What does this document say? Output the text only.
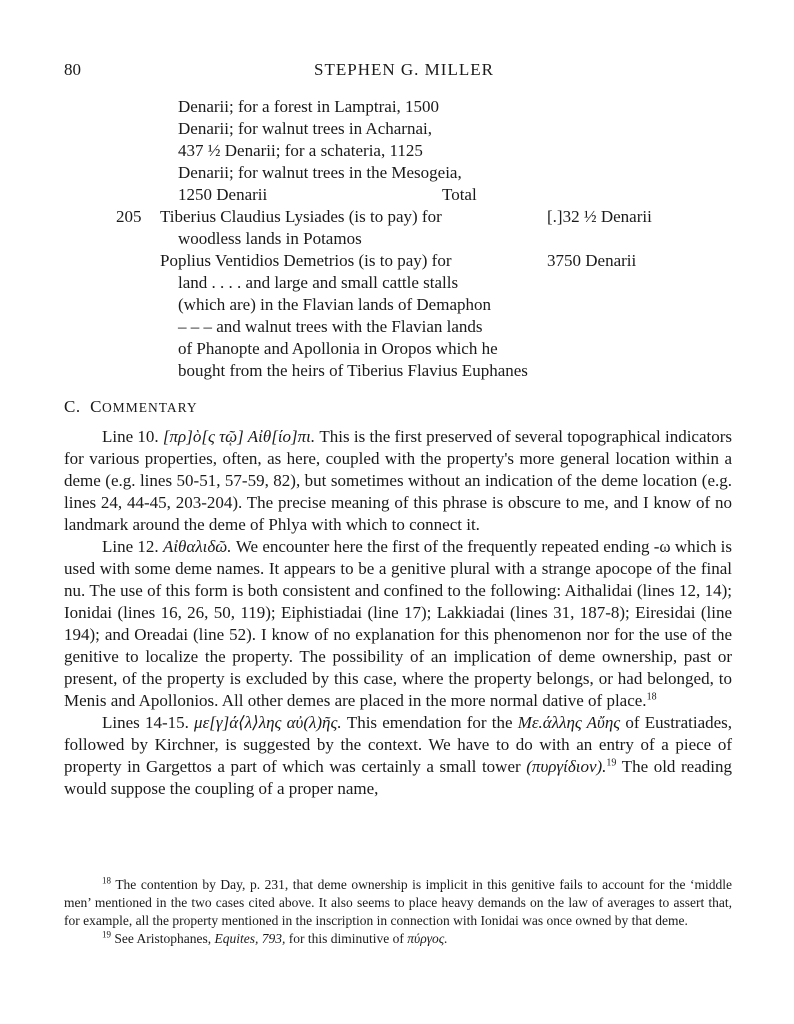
80	STEPHEN G. MILLER
Denarii; for a forest in Lamptrai, 1500
Denarii; for walnut trees in Acharnai,
437 ½ Denarii; for a schateria, 1125
Denarii; for walnut trees in the Mesogeia,
1250 Denarii	Total
205 Tiberius Claudius Lysiades (is to pay) for	[.]32 ½ Denarii
woodless lands in Potamos
Poplius Ventidios Demetrios (is to pay) for	3750 Denarii
land . . . . and large and small cattle stalls
(which are) in the Flavian lands of Demaphon
– – – and walnut trees with the Flavian lands
of Phanopte and Apollonia in Oropos which he
bought from the heirs of Tiberius Flavius Euphanes
C. COMMENTARY

Line 10. [πρ]ὸ[ς τῷ] Αἰθ[ίο]πι. This is the first preserved of several topographical indicators for various properties, often, as here, coupled with the property's more general location within a deme (e.g. lines 50-51, 57-59, 82), but sometimes without an indication of the deme location (e.g. lines 24, 44-45, 203-204). The precise meaning of this phrase is obscure to me, and I know of no landmark around the deme of Phlya with which to connect it.

Line 12. Αἰθαλιδῶ. We encounter here the first of the frequently repeated ending -ω which is used with some deme names. It appears to be a genitive plural with a strange apocope of the final nu. The use of this form is both consistent and confined to the following: Aithalidai (lines 12, 14); Ionidai (lines 16, 26, 50, 119); Eiphistiadai (line 17); Lakkiadai (lines 31, 187-8); Eiresidai (line 194); and Oreadai (line 52). I know of no explanation for this phenomenon nor for the use of the genitive to localize the property. The possibility of an implication of deme ownership, past or present, of the property is excluded by this case, where the property belongs, or had belonged, to Menis and Apollonios. All other demes are placed in the more normal dative of place.$^{18}$

Lines 14-15. με[γ]ά⟨λ⟩λης αὐ(λ)ῆς. This emendation for the Με.άλλης Αὔης of Eustratiades, followed by Kirchner, is suggested by the context. We have to do with an entry of a piece of property in Gargettos a part of which was certainly a small tower (πυργίδιον).$^{19}$ The old reading would suppose the coupling of a proper name,

$^{18}$ The contention by Day, p. 231, that deme ownership is implicit in this genitive fails to account for the ‘middle men’ mentioned in the two cases cited above. It also seems to place heavy demands on the law of averages to assert that, for example, all the property mentioned in the inscription in connection with Ionidai was once owned by that deme.

$^{19}$ See Aristophanes, Equites, 793, for this diminutive of πύργος.
